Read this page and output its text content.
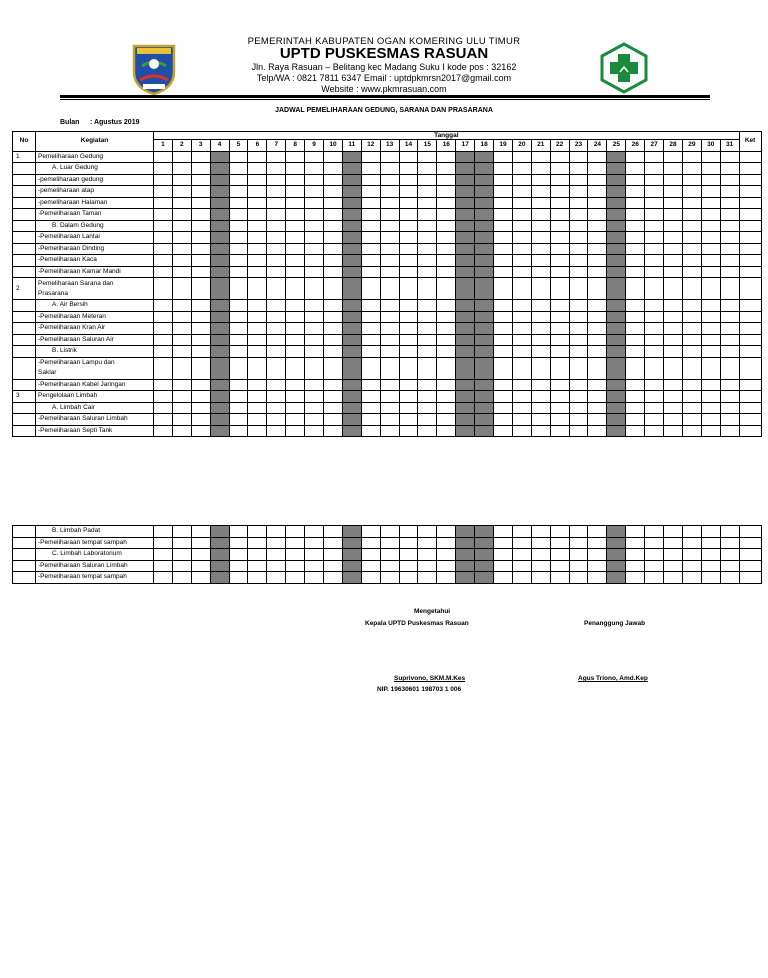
PEMERINTAH KABUPATEN OGAN KOMERING ULU TIMUR
UPTD PUSKESMAS RASUAN
Jln. Raya Rasuan – Belitang kec Madang Suku I kode pos : 32162
Telp/WA : 0821 7811 6347 Email : uptdpkmrsn2017@gmail.com
Website : www.pkmrasuan.com
JADWAL PEMELIHARAAN GEDUNG, SARANA DAN PRASARANA
Bulan : Agustus 2019
No	Kegiatan	Tanggal																															Ket
		1	2	3	4	5	6	7	8	9	10	11	12	13	14	15	16	17	18	19	20	21	22	23	24	25	26	27	28	29	30	31	
1	Pemeliharaan Gedung																																

	A. Luar Gedung																																

	-pemeliharaan gedung																																

	-pemeliharaan atap																																

	-pemeliharaan Halaman																																

	-Pemeliharaan Taman																																

	B. Dalam Gedung																																

	-Pemeliharaan Lantai																																

	-Pemeliharaan Dinding																																

	-Pemeliharaan Kaca																																

	-Pemeliharaan Kamar Mandi																																

2	Pemeliharaan Sarana dan
Prasarana																																

	A. Air Bersih																																

	-Pemeliharaan Meteran																																

	-Pemeliharaan Kran Air																																

	-Pemeliharaan Saluran Air																																

	B. Listrik																																

	-Pemeliharaan Lampu dan
Saklar																																

	-Pemeliharaan Kabel Jaringan																																

3	Pengelolaan Limbah																																

	A. Limbah Cair																																

	-Pemeliharaan Saluran Limbah																																

	-Pemeliharaan Septi Tank																																

	B. Limbah Padat																																

	-Pemeliharaan tempat sampah																																

	C. Limbah Laboratorium																																

	-Pemeliharaan Saluran Limbah																																

	-Pemeliharaan tempat sampah																																

Mengetahui
Kepala UPTD Puskesmas Rasuan	Penanggung Jawab
Suprivono, SKM.M.Kes
NIP. 19630601 198703 1 006
Agus Triono, Amd.Kep
